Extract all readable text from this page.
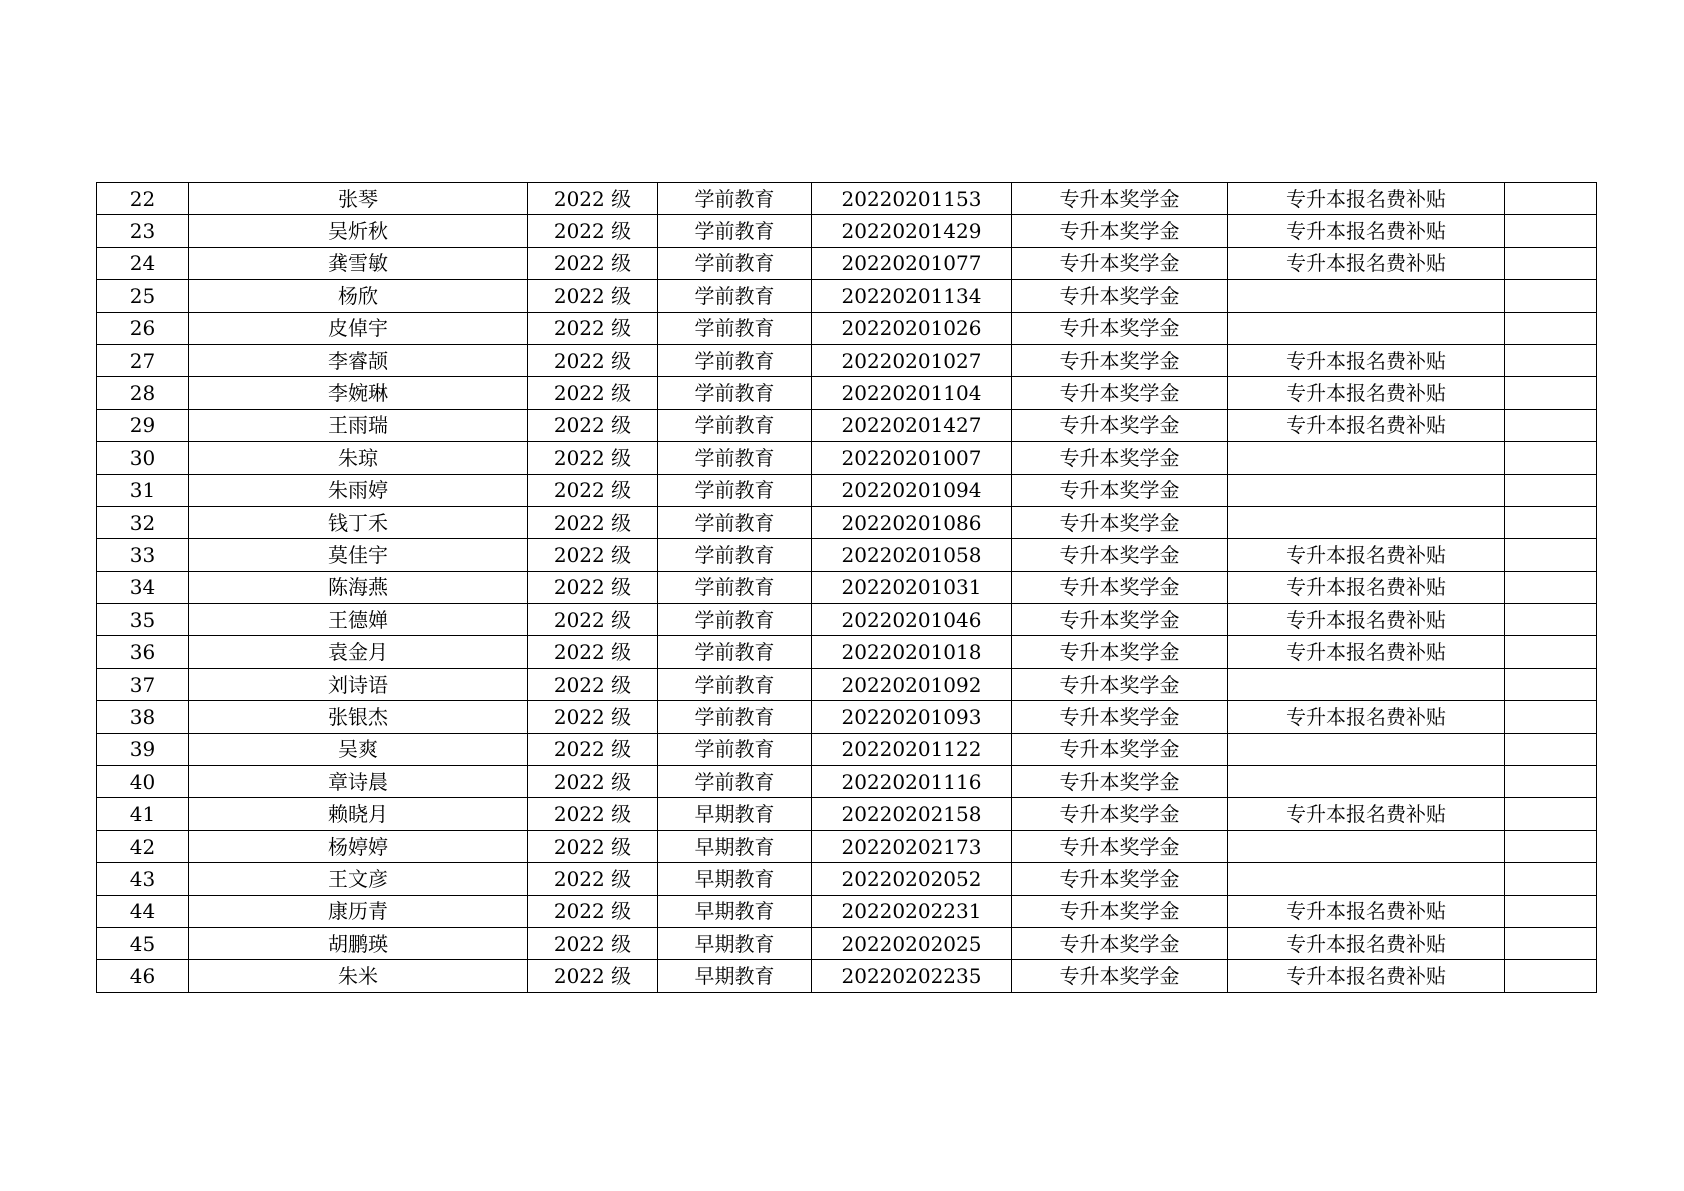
22	张琴	2022 级	学前教育	20220201153	专升本奖学金	专升本报名费补贴	
23	吴炘秋	2022 级	学前教育	20220201429	专升本奖学金	专升本报名费补贴	
24	龚雪敏	2022 级	学前教育	20220201077	专升本奖学金	专升本报名费补贴	
25	杨欣	2022 级	学前教育	20220201134	专升本奖学金		
26	皮倬宇	2022 级	学前教育	20220201026	专升本奖学金		
27	李睿颉	2022 级	学前教育	20220201027	专升本奖学金	专升本报名费补贴	
28	李婉琳	2022 级	学前教育	20220201104	专升本奖学金	专升本报名费补贴	
29	王雨瑞	2022 级	学前教育	20220201427	专升本奖学金	专升本报名费补贴	
30	朱琼	2022 级	学前教育	20220201007	专升本奖学金		
31	朱雨婷	2022 级	学前教育	20220201094	专升本奖学金		
32	钱丁禾	2022 级	学前教育	20220201086	专升本奖学金		
33	莫佳宇	2022 级	学前教育	20220201058	专升本奖学金	专升本报名费补贴	
34	陈海燕	2022 级	学前教育	20220201031	专升本奖学金	专升本报名费补贴	
35	王德婵	2022 级	学前教育	20220201046	专升本奖学金	专升本报名费补贴	
36	袁金月	2022 级	学前教育	20220201018	专升本奖学金	专升本报名费补贴	
37	刘诗语	2022 级	学前教育	20220201092	专升本奖学金		
38	张银杰	2022 级	学前教育	20220201093	专升本奖学金	专升本报名费补贴	
39	吴爽	2022 级	学前教育	20220201122	专升本奖学金		
40	章诗晨	2022 级	学前教育	20220201116	专升本奖学金		
41	赖晓月	2022 级	早期教育	20220202158	专升本奖学金	专升本报名费补贴	
42	杨婷婷	2022 级	早期教育	20220202173	专升本奖学金		
43	王文彦	2022 级	早期教育	20220202052	专升本奖学金		
44	康历青	2022 级	早期教育	20220202231	专升本奖学金	专升本报名费补贴	
45	胡鹏瑛	2022 级	早期教育	20220202025	专升本奖学金	专升本报名费补贴	
46	朱米	2022 级	早期教育	20220202235	专升本奖学金	专升本报名费补贴	
